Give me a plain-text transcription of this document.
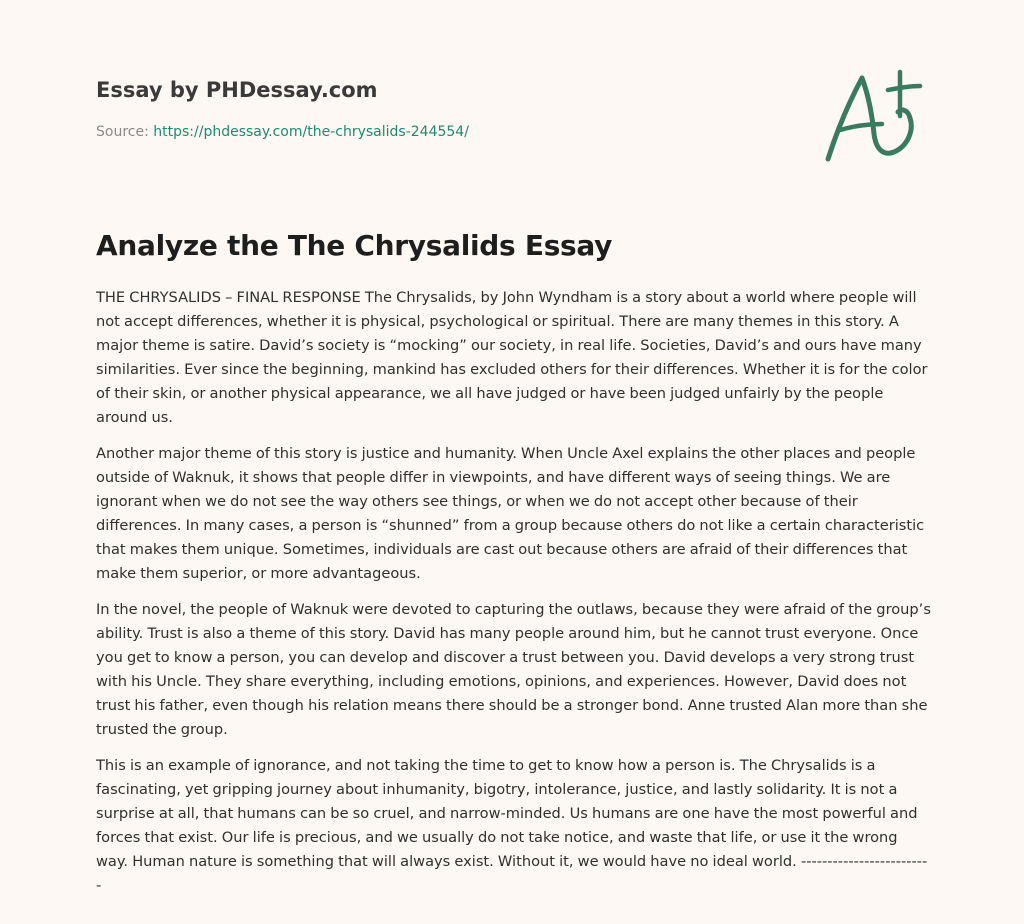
Essay by PHDessay.com
Source: https://phdessay.com/the-chrysalids-244554/
Analyze the The Chrysalids Essay

THE CHRYSALIDS – FINAL RESPONSE The Chrysalids, by John Wyndham is a story about a world where people will not accept differences, whether it is physical, psychological or spiritual. There are many themes in this story. A major theme is satire. David’s society is “mocking” our society, in real life. Societies, David’s and ours have many similarities. Ever since the beginning, mankind has excluded others for their differences. Whether it is for the color of their skin, or another physical appearance, we all have judged or have been judged unfairly by the people around us.

Another major theme of this story is justice and humanity. When Uncle Axel explains the other places and people outside of Waknuk, it shows that people differ in viewpoints, and have different ways of seeing things. We are ignorant when we do not see the way others see things, or when we do not accept other because of their differences. In many cases, a person is “shunned” from a group because others do not like a certain characteristic that makes them unique. Sometimes, individuals are cast out because others are afraid of their differences that make them superior, or more advantageous.

In the novel, the people of Waknuk were devoted to capturing the outlaws, because they were afraid of the group’s ability. Trust is also a theme of this story. David has many people around him, but he cannot trust everyone. Once you get to know a person, you can develop and discover a trust between you. David develops a very strong trust with his Uncle. They share everything, including emotions, opinions, and experiences. However, David does not trust his father, even though his relation means there should be a stronger bond. Anne trusted Alan more than she trusted the group.

This is an example of ignorance, and not taking the time to get to know how a person is. The Chrysalids is a fascinating, yet gripping journey about inhumanity, bigotry, intolerance, justice, and lastly solidarity. It is not a surprise at all, that humans can be so cruel, and narrow-minded. Us humans are one have the most powerful and forces that exist. Our life is precious, and we usually do not take notice, and waste that life, or use it the wrong way. Human nature is something that will always exist. Without it, we would have no ideal world. -------------------------
